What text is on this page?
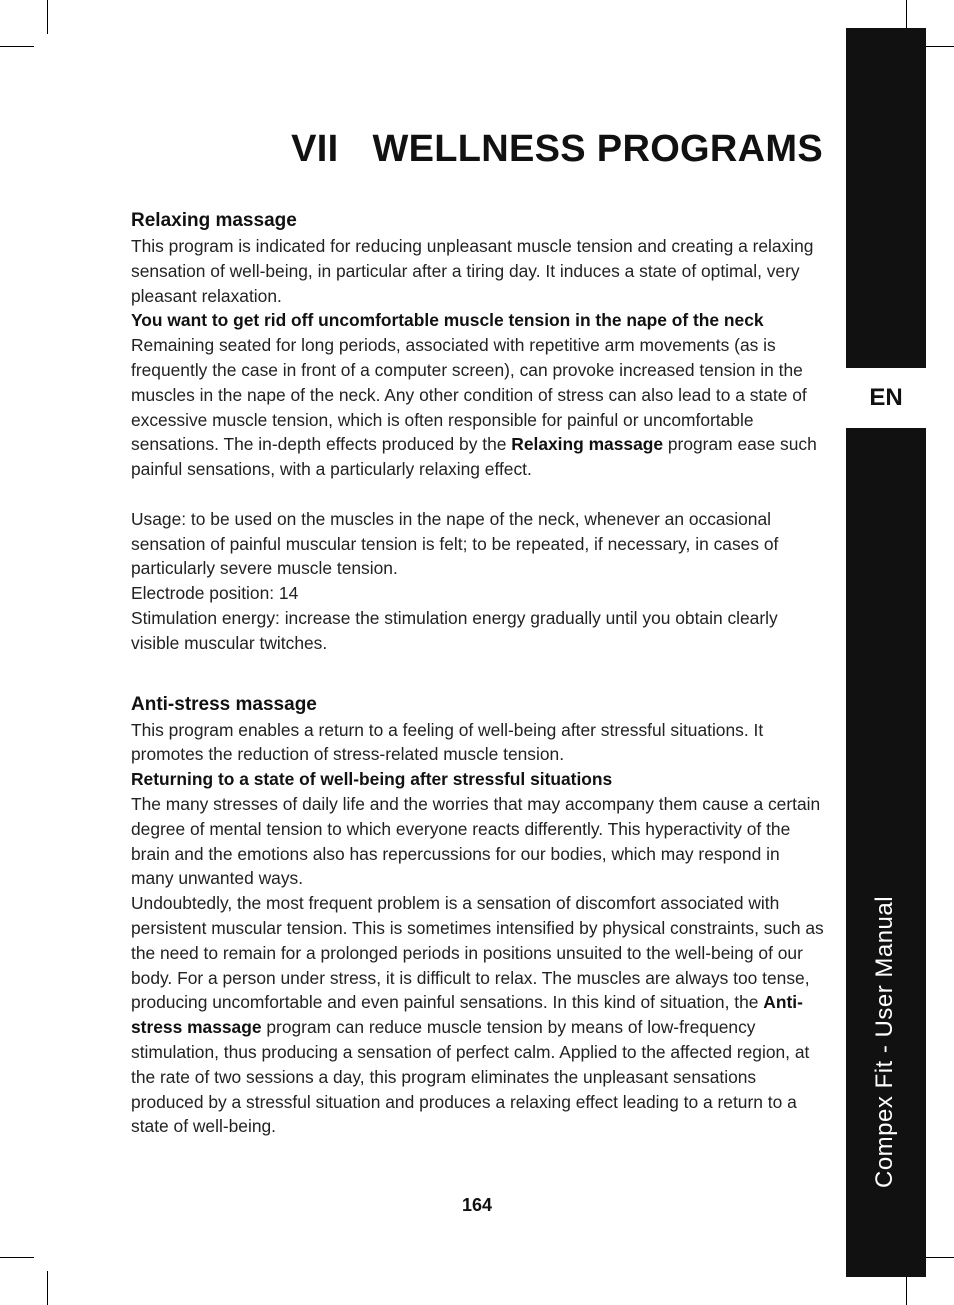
EN
Compex Fit - User Manual
VII WELLNESS PROGRAMS

Relaxing massage

This program is indicated for reducing unpleasant muscle tension and creating a relaxing sensation of well-being, in particular after a tiring day. It induces a state of optimal, very pleasant relaxation.

You want to get rid off uncomfortable muscle tension in the nape of the neck

Remaining seated for long periods, associated with repetitive arm movements (as is frequently the case in front of a computer screen), can provoke increased tension in the muscles in the nape of the neck. Any other condition of stress can also lead to a state of excessive muscle tension, which is often responsible for painful or uncomfortable sensations. The in-depth effects produced by the Relaxing massage program ease such painful sensations, with a particularly relaxing effect.

Usage: to be used on the muscles in the nape of the neck, whenever an occasional sensation of painful muscular tension is felt; to be repeated, if necessary, in cases of particularly severe muscle tension.

Electrode position: 14

Stimulation energy: increase the stimulation energy gradually until you obtain clearly visible muscular twitches.

Anti-stress massage

This program enables a return to a feeling of well-being after stressful situations. It promotes the reduction of stress-related muscle tension.

Returning to a state of well-being after stressful situations

The many stresses of daily life and the worries that may accompany them cause a certain degree of mental tension to which everyone reacts differently. This hyperactivity of the brain and the emotions also has repercussions for our bodies, which may respond in many unwanted ways.

Undoubtedly, the most frequent problem is a sensation of discomfort associated with persistent muscular tension. This is sometimes intensified by physical constraints, such as the need to remain for a prolonged periods in positions unsuited to the well-being of our body. For a person under stress, it is difficult to relax. The muscles are always too tense, producing uncomfortable and even painful sensations. In this kind of situation, the Anti-stress massage program can reduce muscle tension by means of low-frequency stimulation, thus producing a sensation of perfect calm. Applied to the affected region, at the rate of two sessions a day, this program eliminates the unpleasant sensations produced by a stressful situation and produces a relaxing effect leading to a return to a state of well-being.

164
